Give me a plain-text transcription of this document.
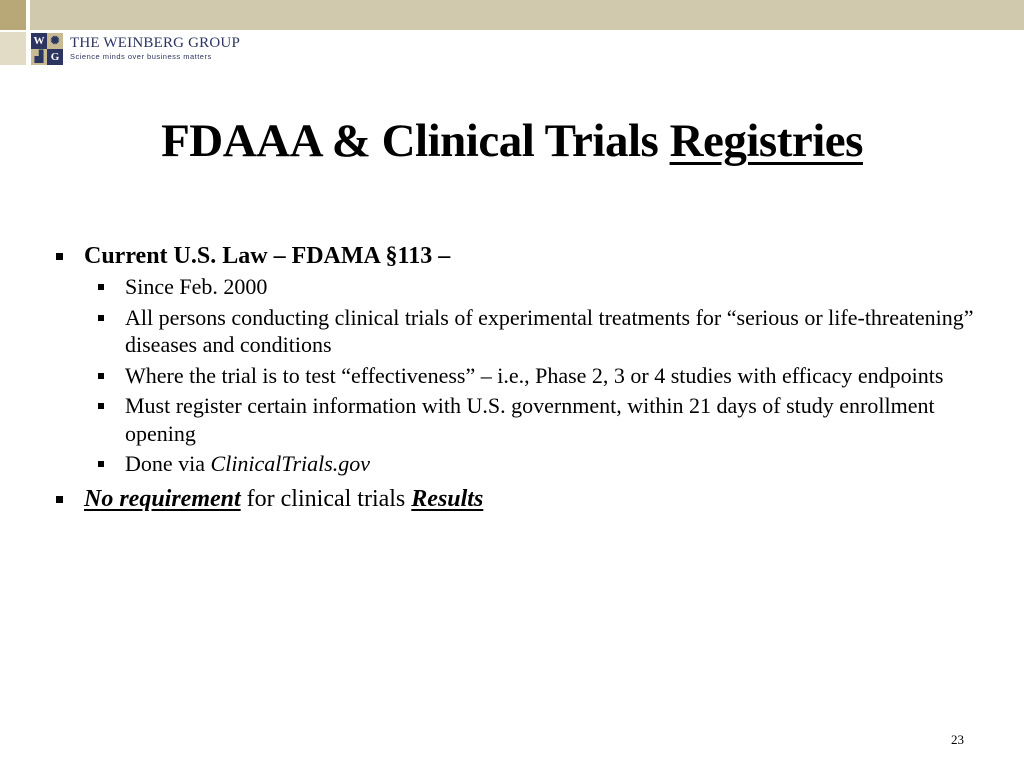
W ✺
▟ G
THE WEINBERG GROUP
Science minds over business matters
FDAAA & Clinical Trials Registries
Current U.S. Law – FDAMA §113 –
Since Feb. 2000
All persons conducting clinical trials of experimental treatments for “serious or life-threatening” diseases and conditions
Where the trial is to test “effectiveness” – i.e., Phase 2, 3 or 4 studies with efficacy endpoints
Must register certain information with U.S. government, within 21 days of study enrollment opening
Done via ClinicalTrials.gov
No requirement for clinical trials Results
23
